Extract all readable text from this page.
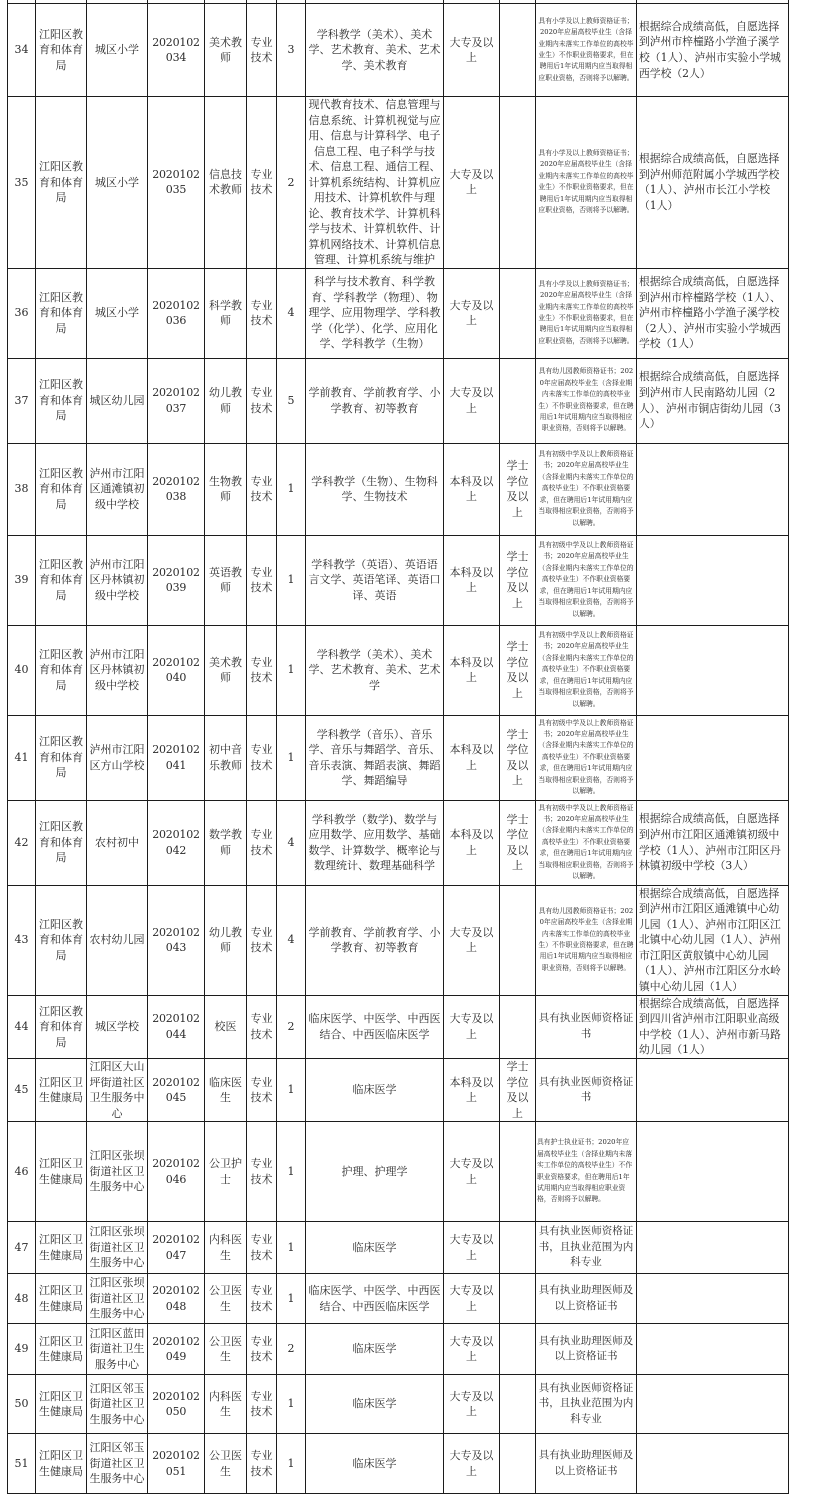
34	江阳区教育和体育局	城区小学	2020102034	美术教师	专业技术	3	学科教学（美术）、美术学、艺术教育、美术、艺术学、美术教育	大专及以上		具有小学及以上教师资格证书；2020年应届高校毕业生（含择业期内未落实工作单位的高校毕业生）不作职业资格要求，但在聘用后1年试用期内应当取得相应职业资格，否则将予以解聘。	根据综合成绩高低，自愿选择到泸州市梓橦路小学渔子溪学校（1人）、泸州市实验小学城西学校（2人）
35	江阳区教育和体育局	城区小学	2020102035	信息技术教师	专业技术	2	现代教育技术、信息管理与信息系统、计算机视觉与应用、信息与计算科学、电子信息工程、电子科学与技术、信息工程、通信工程、计算机系统结构、计算机应用技术、计算机软件与理论、教育技术学、计算机科学与技术、计算机软件、计算机网络技术、计算机信息管理、计算机系统与维护	大专及以上		具有小学及以上教师资格证书；2020年应届高校毕业生（含择业期内未落实工作单位的高校毕业生）不作职业资格要求，但在聘用后1年试用期内应当取得相应职业资格，否则将予以解聘。	根据综合成绩高低，自愿选择到泸州师范附属小学城西学校（1人）、泸州市长江小学校（1人）
36	江阳区教育和体育局	城区小学	2020102036	科学教师	专业技术	4	科学与技术教育、科学教育、学科教学（物理）、物理学、应用物理学、学科教学（化学）、化学、应用化学、学科教学（生物）	大专及以上		具有小学及以上教师资格证书；2020年应届高校毕业生（含择业期内未落实工作单位的高校毕业生）不作职业资格要求，但在聘用后1年试用期内应当取得相应职业资格，否则将予以解聘。	根据综合成绩高低，自愿选择到泸州市梓橦路学校（1人）、泸州市梓橦路小学渔子溪学校（2人）、泸州市实验小学城西学校（1人）
37	江阳区教育和体育局	城区幼儿园	2020102037	幼儿教师	专业技术	5	学前教育、学前教育学、小学教育、初等教育	大专及以上		具有幼儿园教师资格证书；2020年应届高校毕业生（含择业期内未落实工作单位的高校毕业生）不作职业资格要求，但在聘用后1年试用期内应当取得相应职业资格，否则将予以解聘。	根据综合成绩高低，自愿选择到泸州市人民南路幼儿园（2人）、泸州市铜店街幼儿园（3人）
38	江阳区教育和体育局	泸州市江阳区通滩镇初级中学校	2020102038	生物教师	专业技术	1	学科教学（生物）、生物科学、生物技术	本科及以上	学士学位及以上	具有初级中学及以上教师资格证书；2020年应届高校毕业生（含择业期内未落实工作单位的高校毕业生）不作职业资格要求，但在聘用后1年试用期内应当取得相应职业资格，否则将予以解聘。	
39	江阳区教育和体育局	泸州市江阳区丹林镇初级中学校	2020102039	英语教师	专业技术	1	学科教学（英语）、英语语言文学、英语笔译、英语口译、英语	本科及以上	学士学位及以上	具有初级中学及以上教师资格证书；2020年应届高校毕业生（含择业期内未落实工作单位的高校毕业生）不作职业资格要求，但在聘用后1年试用期内应当取得相应职业资格，否则将予以解聘。	
40	江阳区教育和体育局	泸州市江阳区丹林镇初级中学校	2020102040	美术教师	专业技术	1	学科教学（美术）、美术学、艺术教育、美术、艺术学	本科及以上	学士学位及以上	具有初级中学及以上教师资格证书；2020年应届高校毕业生（含择业期内未落实工作单位的高校毕业生）不作职业资格要求，但在聘用后1年试用期内应当取得相应职业资格，否则将予以解聘。	
41	江阳区教育和体育局	泸州市江阳区方山学校	2020102041	初中音乐教师	专业技术	1	学科教学（音乐）、音乐学、音乐与舞蹈学、音乐、音乐表演、舞蹈表演、舞蹈学、舞蹈编导	本科及以上	学士学位及以上	具有初级中学及以上教师资格证书；2020年应届高校毕业生（含择业期内未落实工作单位的高校毕业生）不作职业资格要求，但在聘用后1年试用期内应当取得相应职业资格，否则将予以解聘。	
42	江阳区教育和体育局	农村初中	2020102042	数学教师	专业技术	4	学科教学（数学)、数学与应用数学、应用数学、基础数学、计算数学、概率论与数理统计、数理基础科学	本科及以上	学士学位及以上	具有初级中学及以上教师资格证书；2020年应届高校毕业生（含择业期内未落实工作单位的高校毕业生）不作职业资格要求，但在聘用后1年试用期内应当取得相应职业资格，否则将予以解聘。	根据综合成绩高低，自愿选择到泸州市江阳区通滩镇初级中学校（1人）、泸州市江阳区丹林镇初级中学校（3人）
43	江阳区教育和体育局	农村幼儿园	2020102043	幼儿教师	专业技术	4	学前教育、学前教育学、小学教育、初等教育	大专及以上		具有幼儿园教师资格证书；2020年应届高校毕业生（含择业期内未落实工作单位的高校毕业生）不作职业资格要求，但在聘用后1年试用期内应当取得相应职业资格，否则将予以解聘。	根据综合成绩高低，自愿选择到泸州市江阳区通滩镇中心幼儿园（1人）、泸州市江阳区江北镇中心幼儿园（1人）、泸州市江阳区黄舣镇中心幼儿园（1人）、泸州市江阳区分水岭镇中心幼儿园（1人）
44	江阳区教育和体育局	城区学校	2020102044	校医	专业技术	2	临床医学、中医学、中西医结合、中西医临床医学	大专及以上		具有执业医师资格证书	根据综合成绩高低，自愿选择到四川省泸州市江阳职业高级中学校（1人）、泸州市新马路幼儿园（1人）
45	江阳区卫生健康局	江阳区大山坪街道社区卫生服务中心	2020102045	临床医生	专业技术	1	临床医学	本科及以上	学士学位及以上	具有执业医师资格证书	
46	江阳区卫生健康局	江阳区张坝街道社区卫生服务中心	2020102046	公卫护士	专业技术	1	护理、护理学	大专及以上		具有护士执业证书；2020年应届高校毕业生（含择业期内未落实工作单位的高校毕业生）不作职业资格要求，但在聘用后1年试用期内应当取得相应职业资格，否则将予以解聘。	
47	江阳区卫生健康局	江阳区张坝街道社区卫生服务中心	2020102047	内科医生	专业技术	1	临床医学	大专及以上		具有执业医师资格证书，且执业范围为内科专业	
48	江阳区卫生健康局	江阳区张坝街道社区卫生服务中心	2020102048	公卫医生	专业技术	1	临床医学、中医学、中西医结合、中西医临床医学	大专及以上		具有执业助理医师及以上资格证书	
49	江阳区卫生健康局	江阳区蓝田街道社卫生服务中心	2020102049	公卫医生	专业技术	2	临床医学	大专及以上		具有执业助理医师及以上资格证书	
50	江阳区卫生健康局	江阳区邻玉街道社区卫生服务中心	2020102050	内科医生	专业技术	1	临床医学	大专及以上		具有执业医师资格证书，且执业范围为内科专业	
51	江阳区卫生健康局	江阳区邻玉街道社区卫生服务中心	2020102051	公卫医生	专业技术	1	临床医学	大专及以上		具有执业助理医师及以上资格证书	
